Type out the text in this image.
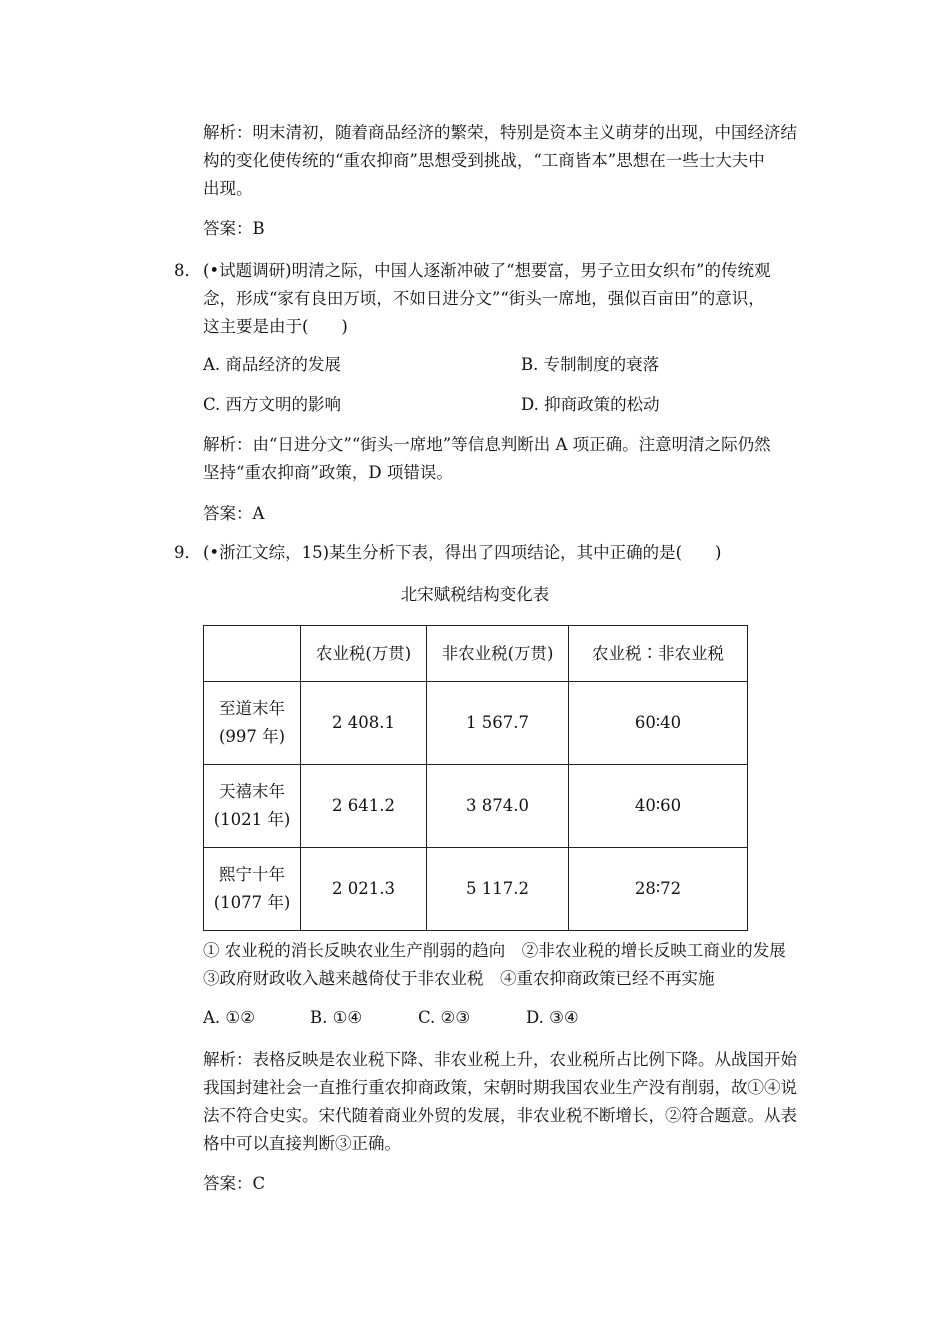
解析：明末清初，随着商品经济的繁荣，特别是资本主义萌芽的出现，中国经济结
构的变化使传统的“重农抑商”思想受到挑战，“工商皆本”思想在一些士大夫中
出现。
答案：B
8． (•试题调研)明清之际，中国人逐渐冲破了“想要富，男子立田女织布”的传统观
念，形成“家有良田万顷，不如日进分文”“街头一席地，强似百亩田”的意识，
这主要是由于(　　)
A. 商品经济的发展	B. 专制制度的衰落
C. 西方文明的影响	D. 抑商政策的松动
解析：由“日进分文”“街头一席地”等信息判断出 A 项正确。注意明清之际仍然
坚持“重农抑商”政策，D 项错误。
答案：A
9． (•浙江文综，15)某生分析下表，得出了四项结论，其中正确的是(　　)
北宋赋税结构变化表
	农业税(万贯)	非农业税(万贯)	农业税∶非农业税

至道末年
(997 年)	2 408.1	1 567.7	60∶40

天禧末年
(1021 年)	2 641.2	3 874.0	40∶60

熙宁十年
(1077 年)	2 021.3	5 117.2	28∶72
① 农业税的消长反映农业生产削弱的趋向　②非农业税的增长反映工商业的发展
③政府财政收入越来越倚仗于非农业税　④重农抑商政策已经不再实施
A. ①②	B. ①④	C. ②③	D. ③④
解析：表格反映是农业税下降、非农业税上升，农业税所占比例下降。从战国开始
我国封建社会一直推行重农抑商政策，宋朝时期我国农业生产没有削弱，故①④说
法不符合史实。宋代随着商业外贸的发展，非农业税不断增长，②符合题意。从表
格中可以直接判断③正确。
答案：C
